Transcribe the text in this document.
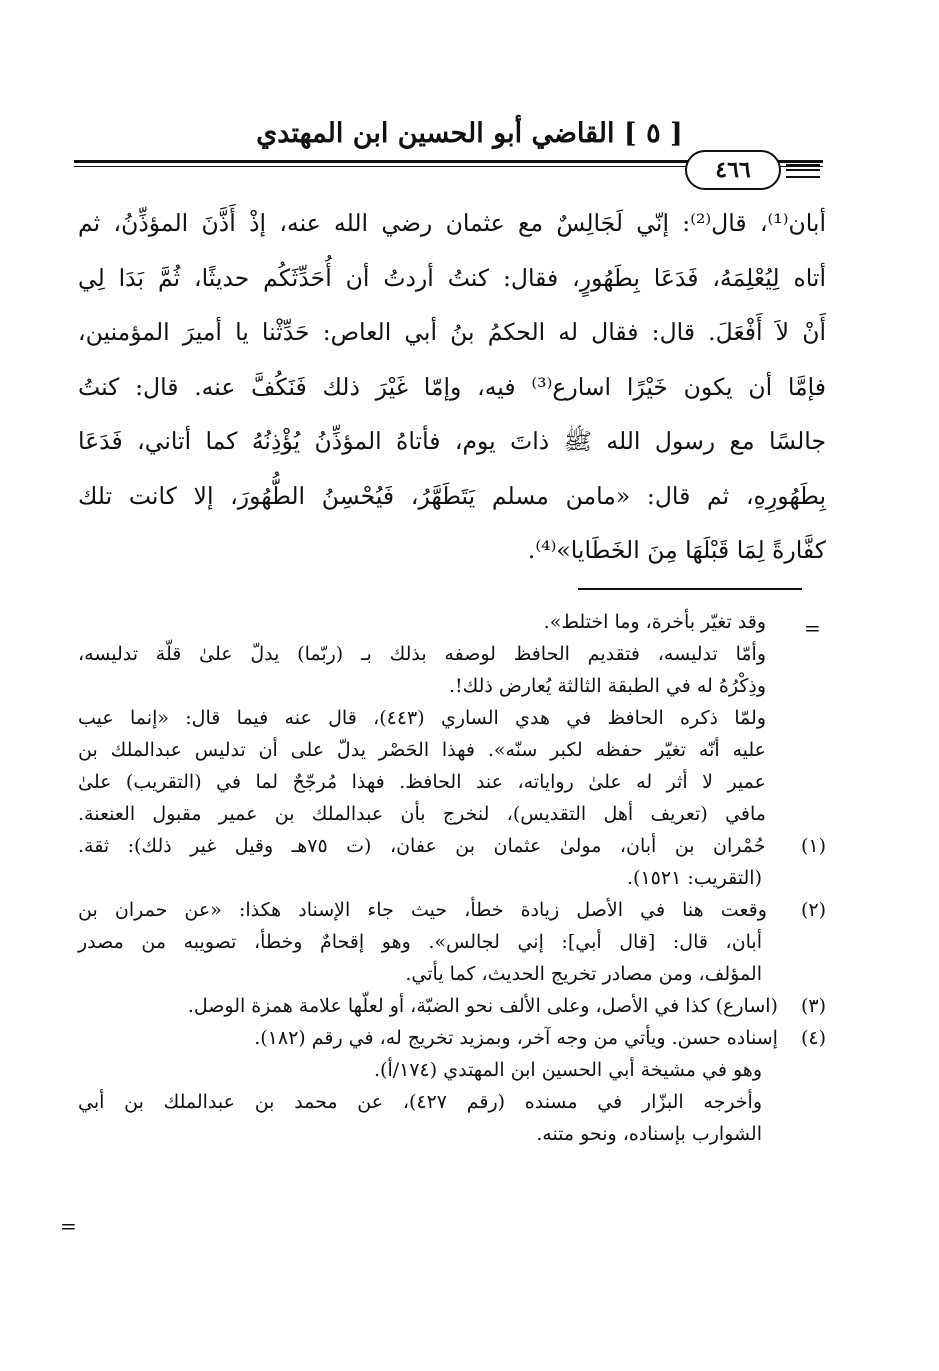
[ ٥ ] القاضي أبو الحسين ابن المهتدي
٤٦٦
أبان⁽¹⁾، قال⁽²⁾: إنّي لَجَالِسٌ مع عثمان رضي الله عنه، إذْ أَذَّنَ المؤذِّنُ، ثم
أتاه لِيُعْلِمَهُ، فَدَعَا بِطَهُورٍ، فقال: كنتُ أردتُ أن أُحَدِّثَكُم حديثًا، ثُمَّ بَدَا لِي
أَنْ لاَ أَفْعَلَ. قال: فقال له الحكمُ بنُ أبي العاص: حَدِّثْنا يا أميرَ المؤمنين،
فإمَّا أن يكون خَيْرًا اسارع⁽³⁾ فيه، وإمّا غَيْرَ ذلك فَنَكُفَّ عنه. قال: كنتُ
جالسًا مع رسول الله ﷺ ذاتَ يوم، فأتاهُ المؤذِّنُ يُؤْذِنُهُ كما أتاني، فَدَعَا
بِطَهُورِهِ، ثم قال: «مامن مسلم يَتَطَهَّرُ، فَيُحْسِنُ الطُّهُورَ، إلا كانت تلك
كفَّارةً لِمَا قَبْلَهَا مِنَ الخَطَايا»⁽⁴⁾.
=
وقد تغيّر بأخرة، وما اختلط».
وأمّا تدليسه، فتقديم الحافظ لوصفه بذلك بـ (ربّما) يدلّ علىٰ قلّة تدليسه،
وذِكْرُهُ له في الطبقة الثالثة يُعارض ذلك!.
ولمّا ذكره الحافظ في هدي الساري (٤٤٣)، قال عنه فيما قال: «إنما عيب
عليه أنّه تغيّر حفظه لكبر سنّه». فهذا الحَصْر يدلّ على أن تدليس عبدالملك بن
عمير لا أثر له علىٰ رواياته، عند الحافظ. فهذا مُرجّحٌ لما في (التقريب) علىٰ
مافي (تعريف أهل التقديس)، لنخرج بأن عبدالملك بن عمير مقبول العنعنة.
(١) حُمْران بن أبان، مولىٰ عثمان بن عفان، (ت ٧٥هـ وقيل غير ذلك): ثقة.
(التقريب: ١٥٢١).
(٢) وقعت هنا في الأصل زيادة خطأ، حيث جاء الإسناد هكذا: «عن حمران بن
أبان، قال: [قال أبي]: إني لجالس». وهو إقحامٌ وخطأ، تصويبه من مصدر
المؤلف، ومن مصادر تخريج الحديث، كما يأتي.
(٣) (اسارع) كذا في الأصل، وعلى الألف نحو الضبّة، أو لعلّها علامة همزة الوصل.
(٤) إسناده حسن. ويأتي من وجه آخر، وبمزيد تخريج له، في رقم (١٨٢).
وهو في مشيخة أبي الحسين ابن المهتدي (١٧٤/أ).
وأخرجه البزّار في مسنده (رقم ٤٢٧)، عن محمد بن عبدالملك بن أبي
الشوارب بإسناده، ونحو متنه.
=
